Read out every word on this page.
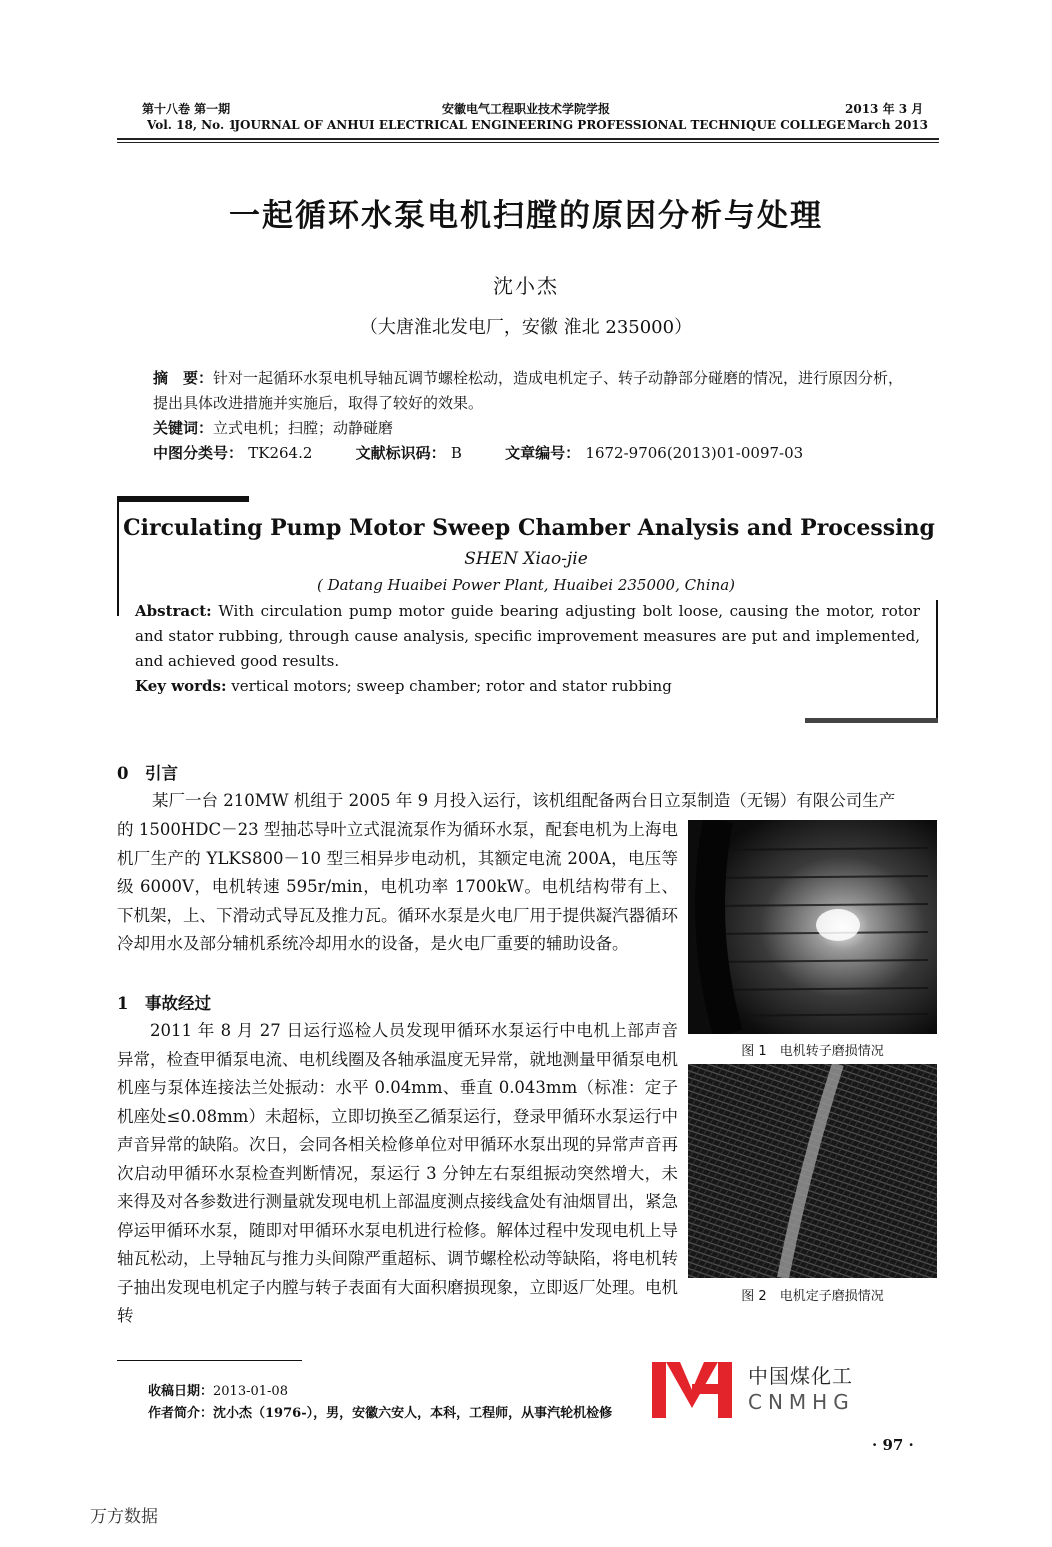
第十八卷 第一期
Vol. 18, No. 1
安徽电气工程职业技术学院学报
JOURNAL OF ANHUI ELECTRICAL ENGINEERING PROFESSIONAL TECHNIQUE COLLEGE
2013 年 3 月
March 2013
一起循环水泵电机扫膛的原因分析与处理
沈小杰
（大唐淮北发电厂，安徽 淮北 235000）
摘　要：针对一起循环水泵电机导轴瓦调节螺栓松动，造成电机定子、转子动静部分碰磨的情况，进行原因分析，提出具体改进措施并实施后，取得了较好的效果。
关键词：立式电机；扫膛；动静碰磨
中图分类号： TK264.2	文献标识码： B	文章编号： 1672-9706(2013)01-0097-03
Circulating Pump Motor Sweep Chamber Analysis and Processing
SHEN Xiao-jie
( Datang Huaibei Power Plant, Huaibei 235000, China)
Abstract: With circulation pump motor guide bearing adjusting bolt loose, causing the motor, rotor and stator rubbing, through cause analysis, specific improvement measures are put and implemented, and achieved good results.
Key words: vertical motors; sweep chamber; rotor and stator rubbing
0　引言
某厂一台 210MW 机组于 2005 年 9 月投入运行，该机组配备两台日立泵制造（无锡）有限公司生产
的 1500HDC－23 型抽芯导叶立式混流泵作为循环水泵，配套电机为上海电机厂生产的 YLKS800－10 型三相异步电动机，其额定电流 200A，电压等级 6000V，电机转速 595r/min，电机功率 1700kW。电机结构带有上、下机架，上、下滑动式导瓦及推力瓦。循环水泵是火电厂用于提供凝汽器循环冷却用水及部分辅机系统冷却用水的设备，是火电厂重要的辅助设备。
1　事故经过
2011 年 8 月 27 日运行巡检人员发现甲循环水泵运行中电机上部声音异常，检查甲循泵电流、电机线圈及各轴承温度无异常，就地测量甲循泵电机机座与泵体连接法兰处振动：水平 0.04mm、垂直 0.043mm（标准：定子机座处≤0.08mm）未超标，立即切换至乙循泵运行，登录甲循环水泵运行中声音异常的缺陷。次日，会同各相关检修单位对甲循环水泵出现的异常声音再次启动甲循环水泵检查判断情况，泵运行 3 分钟左右泵组振动突然增大，未来得及对各参数进行测量就发现电机上部温度测点接线盒处有油烟冒出，紧急停运甲循环水泵，随即对甲循环水泵电机进行检修。解体过程中发现电机上导轴瓦松动，上导轴瓦与推力头间隙严重超标、调节螺栓松动等缺陷，将电机转子抽出发现电机定子内膛与转子表面有大面积磨损现象，立即返厂处理。电机转
图 1　电机转子磨损情况
图 2　电机定子磨损情况
收稿日期：2013-01-08
作者简介：沈小杰（1976-），男，安徽六安人，本科，工程师，从事汽轮机检修
中国煤化工
CNMHG
· 97 ·
万方数据
